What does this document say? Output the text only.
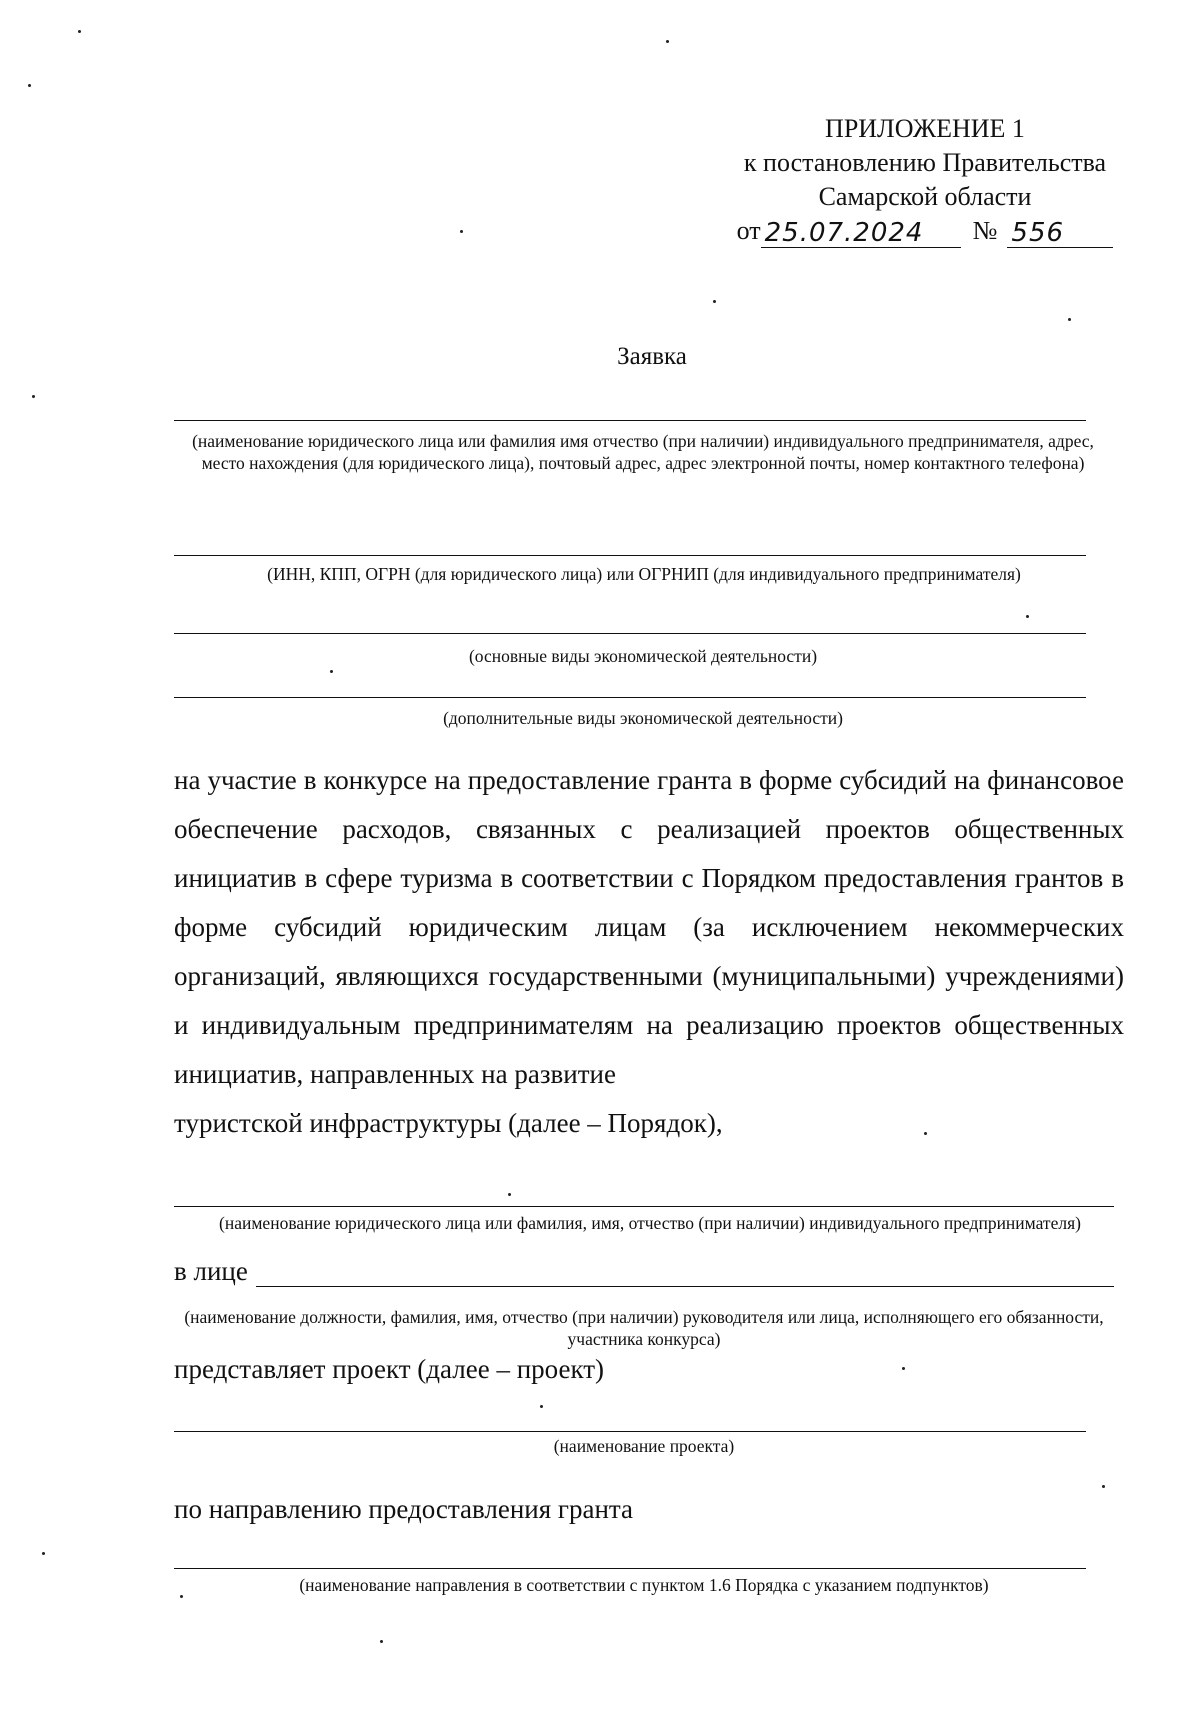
ПРИЛОЖЕНИЕ 1
к постановлению Правительства
Самарской области
от 25.07.2024	№ 556
Заявка
(наименование юридического лица или фамилия имя отчество (при наличии) индивидуального предпринимателя, адрес, место нахождения (для юридического лица), почтовый адрес, адрес электронной почты, номер контактного телефона)
(ИНН, КПП, ОГРН (для юридического лица) или ОГРНИП (для индивидуального предпринимателя)
(основные виды экономической деятельности)
(дополнительные виды экономической деятельности)
на участие в конкурсе на предоставление гранта в форме субсидий на финансовое обеспечение расходов, связанных с реализацией проектов общественных инициатив в сфере туризма в соответствии с Порядком предоставления грантов в форме субсидий юридическим лицам (за исключением некоммерческих организаций, являющихся государственными (муниципальными) учреждениями) и индивидуальным предпринимателям на реализацию проектов общественных инициатив, направленных на развитие
туристской инфраструктуры (далее – Порядок),
(наименование юридического лица или фамилия, имя, отчество (при наличии) индивидуального предпринимателя)
в лице
(наименование должности, фамилия, имя, отчество (при наличии) руководителя или лица, исполняющего его обязанности, участника конкурса)
представляет проект (далее – проект)
(наименование проекта)
по направлению предоставления гранта
(наименование направления в соответствии с пунктом 1.6 Порядка с указанием подпунктов)
